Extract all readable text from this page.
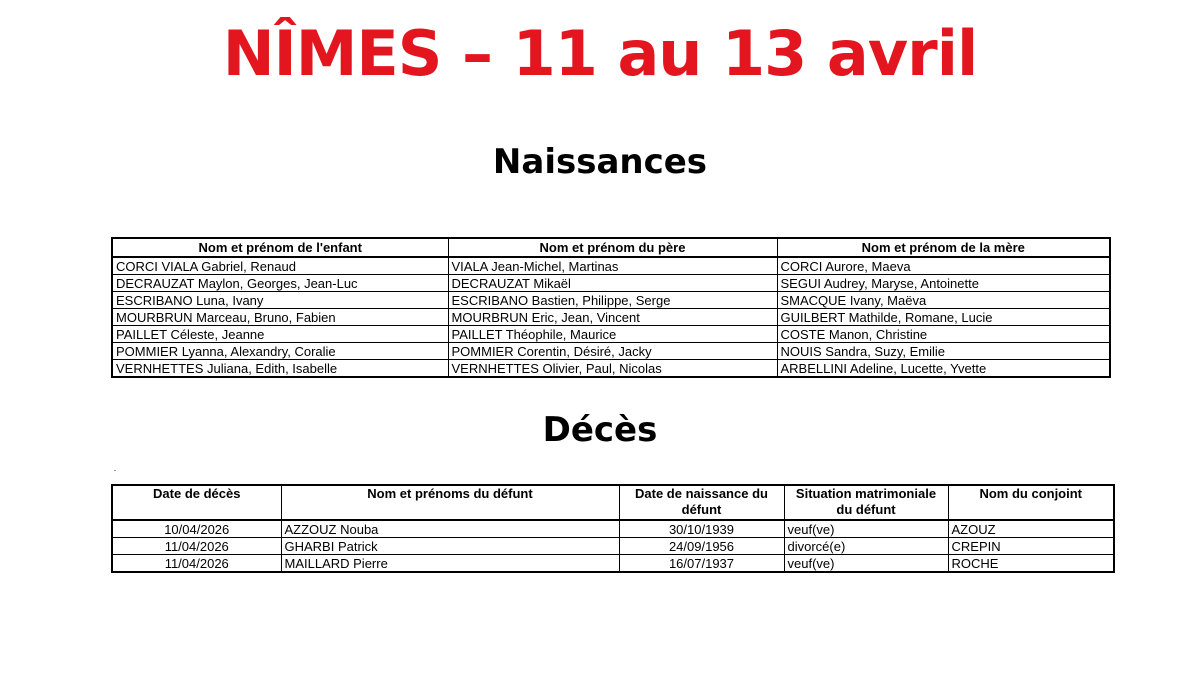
NÎMES – 11 au 13 avril
Naissances
Nom et prénom de l'enfant	Nom et prénom du père	Nom et prénom de la mère
CORCI VIALA Gabriel, Renaud	VIALA Jean-Michel, Martinas	CORCI Aurore, Maeva
DECRAUZAT Maylon, Georges, Jean-Luc	DECRAUZAT Mikaël	SEGUI Audrey, Maryse, Antoinette
ESCRIBANO Luna, Ivany	ESCRIBANO Bastien, Philippe, Serge	SMACQUE Ivany, Maëva
MOURBRUN Marceau, Bruno, Fabien	MOURBRUN Eric, Jean, Vincent	GUILBERT Mathilde, Romane, Lucie
PAILLET Céleste, Jeanne	PAILLET Théophile, Maurice	COSTE Manon, Christine
POMMIER Lyanna, Alexandry, Coralie	POMMIER Corentin, Désiré, Jacky	NOUIS Sandra, Suzy, Emilie
VERNHETTES Juliana, Edith, Isabelle	VERNHETTES Olivier, Paul, Nicolas	ARBELLINI Adeline, Lucette, Yvette
Décès
Date de décès	Nom et prénoms du défunt	Date de naissance du défunt	Situation matrimoniale du défunt	Nom du conjoint
10/04/2026	AZZOUZ Nouba	30/10/1939	veuf(ve)	AZOUZ
11/04/2026	GHARBI Patrick	24/09/1956	divorcé(e)	CREPIN
11/04/2026	MAILLARD Pierre	16/07/1937	veuf(ve)	ROCHE
